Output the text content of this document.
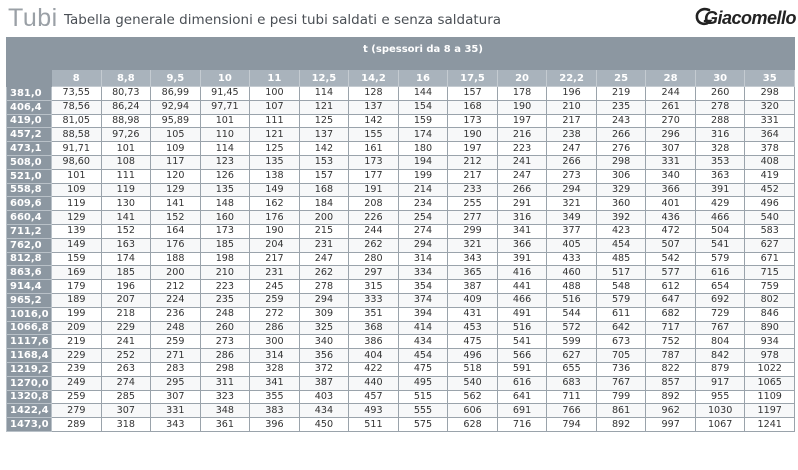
Tubi Tabella generale dimensioni e pesi tubi saldati e senza saldatura	Giacomello
	t (spessori da 8 a 35)														

	8	8,8	9,5	10	11	12,5	14,2	16	17,5	20	22,2	25	28	30	35
381,0	73,55	80,73	86,99	91,45	100	114	128	144	157	178	196	219	244	260	298
406,4	78,56	86,24	92,94	97,71	107	121	137	154	168	190	210	235	261	278	320
419,0	81,05	88,98	95,89	101	111	125	142	159	173	197	217	243	270	288	331
457,2	88,58	97,26	105	110	121	137	155	174	190	216	238	266	296	316	364
473,1	91,71	101	109	114	125	142	161	180	197	223	247	276	307	328	378
508,0	98,60	108	117	123	135	153	173	194	212	241	266	298	331	353	408
521,0	101	111	120	126	138	157	177	199	217	247	273	306	340	363	419
558,8	109	119	129	135	149	168	191	214	233	266	294	329	366	391	452
609,6	119	130	141	148	162	184	208	234	255	291	321	360	401	429	496
660,4	129	141	152	160	176	200	226	254	277	316	349	392	436	466	540
711,2	139	152	164	173	190	215	244	274	299	341	377	423	472	504	583
762,0	149	163	176	185	204	231	262	294	321	366	405	454	507	541	627
812,8	159	174	188	198	217	247	280	314	343	391	433	485	542	579	671
863,6	169	185	200	210	231	262	297	334	365	416	460	517	577	616	715
914,4	179	196	212	223	245	278	315	354	387	441	488	548	612	654	759
965,2	189	207	224	235	259	294	333	374	409	466	516	579	647	692	802
1016,0	199	218	236	248	272	309	351	394	431	491	544	611	682	729	846
1066,8	209	229	248	260	286	325	368	414	453	516	572	642	717	767	890
1117,6	219	241	259	273	300	340	386	434	475	541	599	673	752	804	934
1168,4	229	252	271	286	314	356	404	454	496	566	627	705	787	842	978
1219,2	239	263	283	298	328	372	422	475	518	591	655	736	822	879	1022
1270,0	249	274	295	311	341	387	440	495	540	616	683	767	857	917	1065
1320,8	259	285	307	323	355	403	457	515	562	641	711	799	892	955	1109
1422,4	279	307	331	348	383	434	493	555	606	691	766	861	962	1030	1197
1473,0	289	318	343	361	396	450	511	575	628	716	794	892	997	1067	1241
